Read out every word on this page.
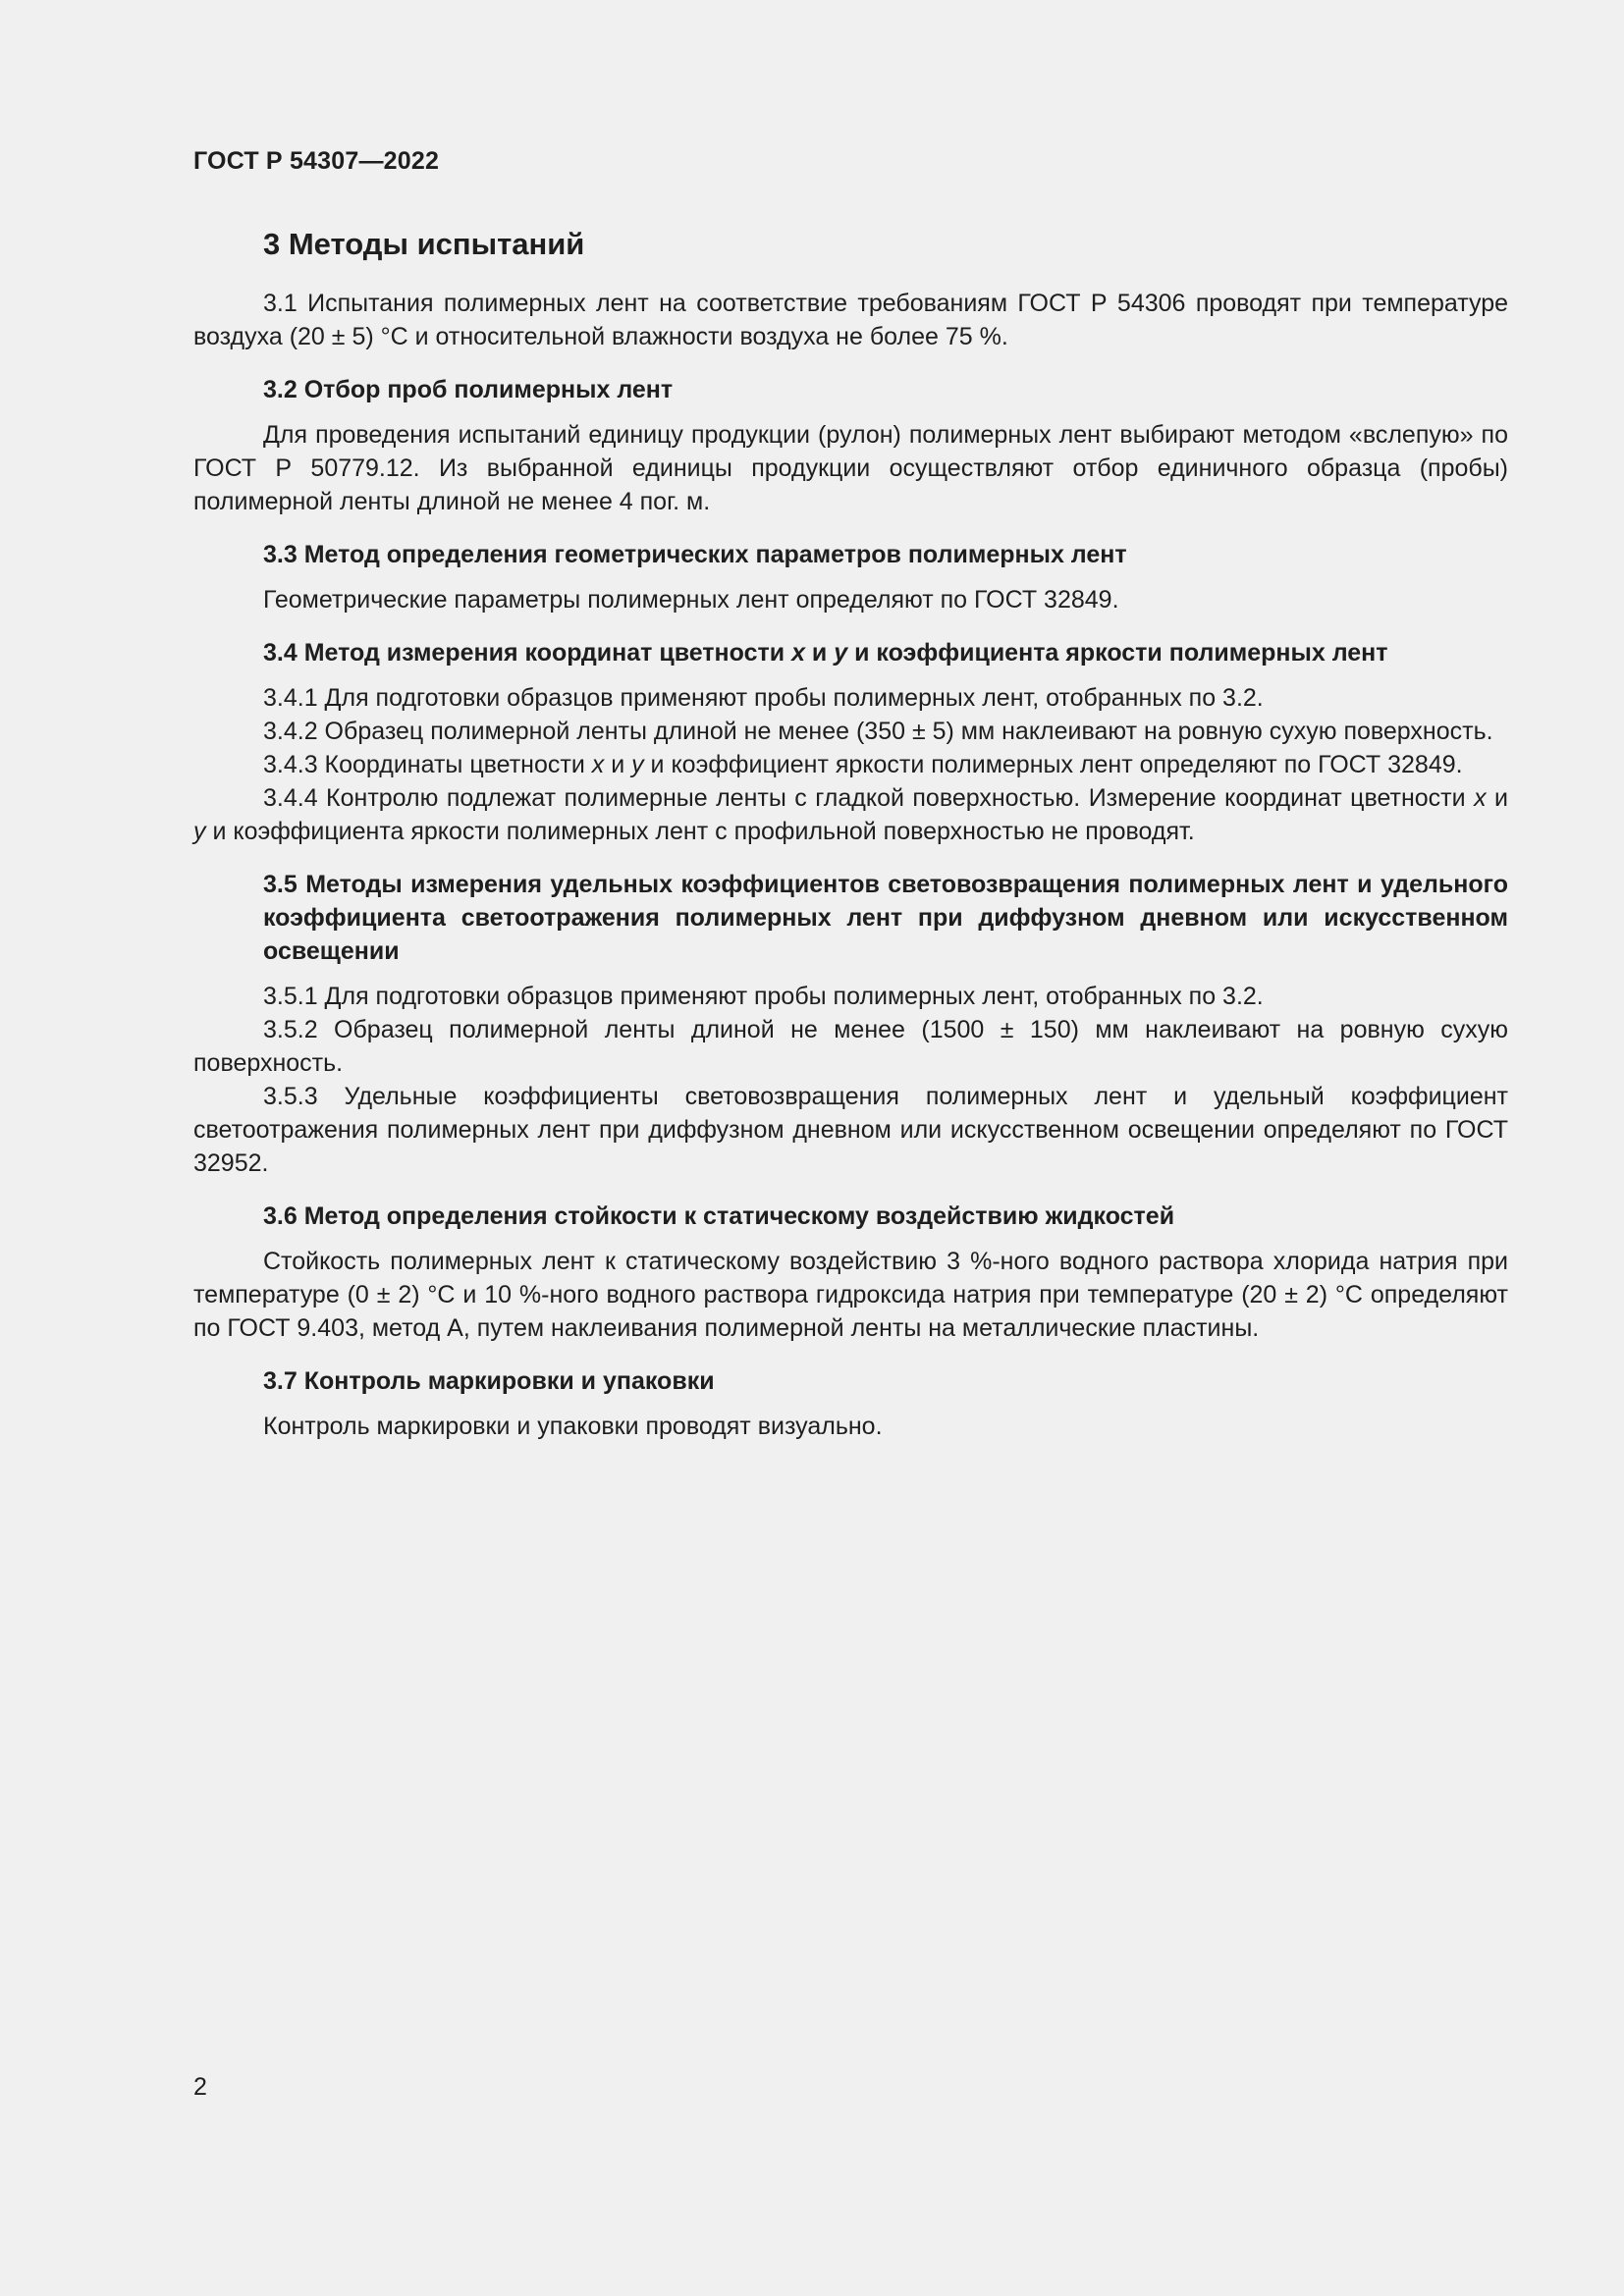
ГОСТ Р 54307—2022

3 Методы испытаний

3.1 Испытания полимерных лент на соответствие требованиям ГОСТ Р 54306 проводят при температуре воздуха (20 ± 5) °С и относительной влажности воздуха не более 75 %.

3.2 Отбор проб полимерных лент

Для проведения испытаний единицу продукции (рулон) полимерных лент выбирают методом «вслепую» по ГОСТ Р 50779.12. Из выбранной единицы продукции осуществляют отбор единичного образца (пробы) полимерной ленты длиной не менее 4 пог. м.

3.3 Метод определения геометрических параметров полимерных лент

Геометрические параметры полимерных лент определяют по ГОСТ 32849.

3.4 Метод измерения координат цветности x и у и коэффициента яркости полимерных лент

3.4.1 Для подготовки образцов применяют пробы полимерных лент, отобранных по 3.2.

3.4.2 Образец полимерной ленты длиной не менее (350 ± 5) мм наклеивают на ровную сухую поверхность.

3.4.3 Координаты цветности х и у и коэффициент яркости полимерных лент определяют по ГОСТ 32849.

3.4.4 Контролю подлежат полимерные ленты с гладкой поверхностью. Измерение координат цветности х и у и коэффициента яркости полимерных лент с профильной поверхностью не проводят.

3.5 Методы измерения удельных коэффициентов световозвращения полимерных лент и удельного коэффициента светоотражения полимерных лент при диффузном дневном или искусственном освещении

3.5.1 Для подготовки образцов применяют пробы полимерных лент, отобранных по 3.2.

3.5.2 Образец полимерной ленты длиной не менее (1500 ± 150) мм наклеивают на ровную сухую поверхность.

3.5.3 Удельные коэффициенты световозвращения полимерных лент и удельный коэффициент светоотражения полимерных лент при диффузном дневном или искусственном освещении определяют по ГОСТ 32952.

3.6 Метод определения стойкости к статическому воздействию жидкостей

Стойкость полимерных лент к статическому воздействию 3 %-ного водного раствора хлорида натрия при температуре (0 ± 2) °С и 10 %-ного водного раствора гидроксида натрия при температуре (20 ± 2) °С определяют по ГОСТ 9.403, метод А, путем наклеивания полимерной ленты на металлические пластины.

3.7 Контроль маркировки и упаковки

Контроль маркировки и упаковки проводят визуально.

2
